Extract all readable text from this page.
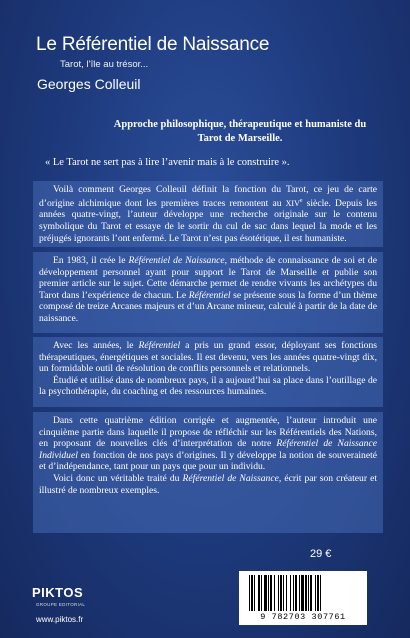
Le Référentiel de Naissance
Tarot, l’île au trésor...
Georges Colleuil
Approche philosophique, thérapeutique et humaniste du
Tarot de Marseille.
« Le Tarot ne sert pas à lire l’avenir mais à le construire ».

Voilà comment Georges Colleuil définit la fonction du Tarot, ce jeu de carte d’origine alchimique dont les premières traces remontent au XIVe siècle. Depuis les années quatre-vingt, l’auteur développe une recherche originale sur le contenu symbolique du Tarot et essaye de le sortir du cul de sac dans lequel la mode et les préjugés ignorants l’ont enfermé. Le Tarot n’est pas ésotérique, il est humaniste.

En 1983, il crée le Référentiel de Naissance, méthode de connaissance de soi et de développement personnel ayant pour support le Tarot de Marseille et publie son premier article sur le sujet. Cette démarche permet de rendre vivants les archétypes du Tarot dans l’expérience de chacun. Le Référentiel se présente sous la forme d’un thème composé de treize Arcanes majeurs et d’un Arcane mineur, calculé à partir de la date de naissance.

Avec les années, le Référentiel a pris un grand essor, déployant ses fonctions thérapeutiques, énergétiques et sociales. Il est devenu, vers les années quatre-vingt dix, un formidable outil de résolution de conflits personnels et relationnels.

Étudié et utilisé dans de nombreux pays, il a aujourd’hui sa place dans l’outillage de la psychothérapie, du coaching et des ressources humaines.

Dans cette quatrième édition corrigée et augmentée, l’auteur introduit une cinquième partie dans laquelle il propose de réfléchir sur les Référentiels des Nations, en proposant de nouvelles clés d’interprétation de notre Référentiel de Naissance Individuel en fonction de nos pays d’origines. Il y développe la notion de souveraineté et d’indépendance, tant pour un pays que pour un individu.

Voici donc un véritable traité du Référentiel de Naissance, écrit par son créateur et illustré de nombreux exemples.

29 €
9 782703 307761
PIKTOS
GROUPE EDITORIAL
www.piktos.fr
